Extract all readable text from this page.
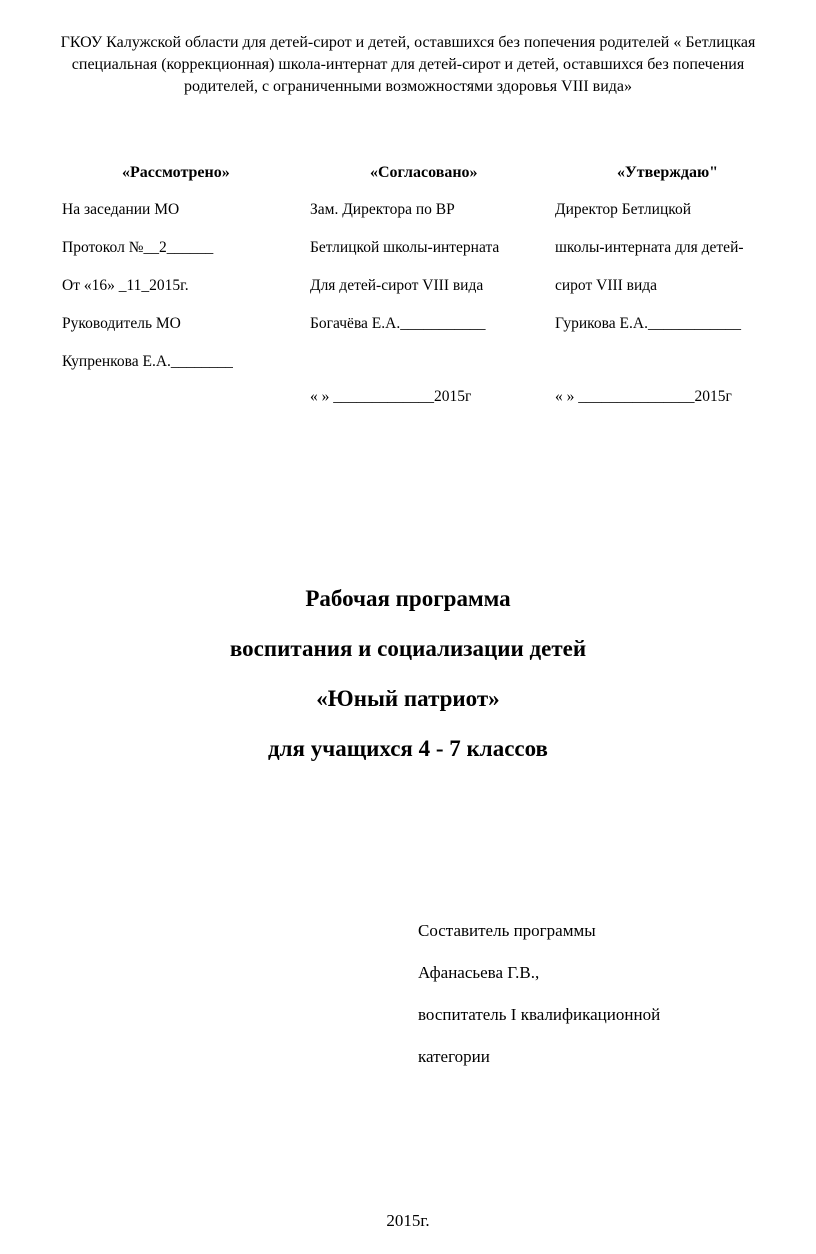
ГКОУ Калужской области для детей-сирот и детей, оставшихся без попечения родителей « Бетлицкая
специальная (коррекционная) школа-интернат для детей-сирот и детей, оставшихся без попечения
родителей, с ограниченными возможностями здоровья VIII вида»
«Рассмотрено»
На заседании МО
Протокол №__2______
От «16» _11_2015г.
Руководитель МО
Купренкова Е.А.________
«Согласовано»
Зам. Директора по ВР
Бетлицкой школы-интерната
Для детей-сирот VIII вида
Богачёва Е.А.___________
«Утверждаю"
Директор Бетлицкой
школы-интерната для детей-
сирот VIII вида
Гурикова Е.А.____________
« » _____________2015г	« » _______________2015г
Рабочая программа
воспитания и социализации детей
«Юный патриот»
для учащихся 4 - 7 классов
Составитель программы
Афанасьева Г.В.,
воспитатель I квалификационной
категории
2015г.
